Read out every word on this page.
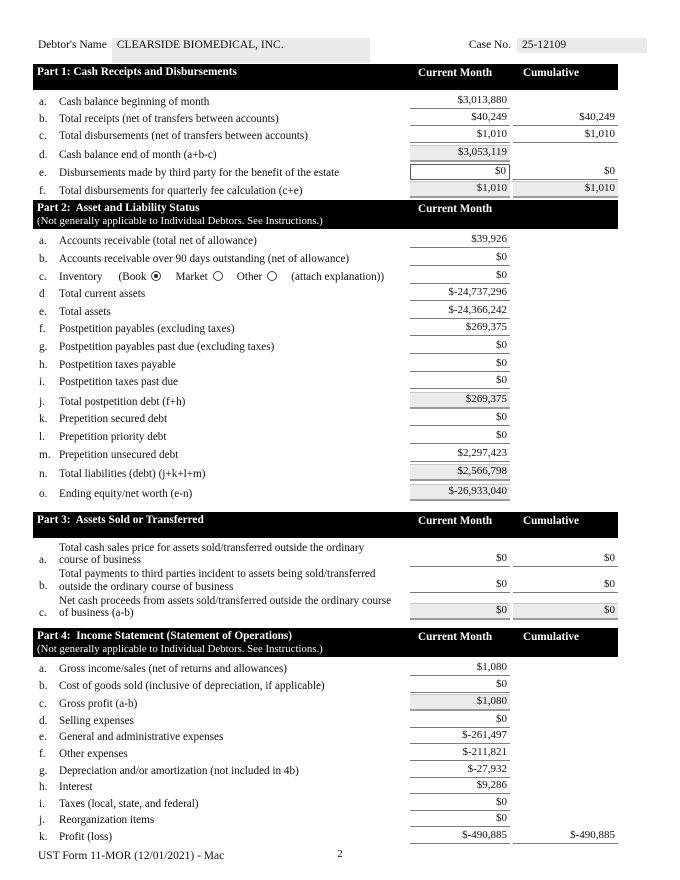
Debtor's Name CLEARSIDE BIOMEDICAL, INC.	Case No. 25-12109
Part 1: Cash Receipts and Disbursements	Current Month	Cumulative
a.	Cash balance beginning of month	$3,013,880
b.	Total receipts (net of transfers between accounts)	$40,249	$40,249
c.	Total disbursements (net of transfers between accounts)	$1,010	$1,010
d.	Cash balance end of month (a+b-c)	$3,053,119
e.	Disbursements made by third party for the benefit of the estate	$0	$0
f.	Total disbursements for quarterly fee calculation (c+e)	$1,010	$1,010
Part 2:  Asset and Liability Status
(Not generally applicable to Individual Debtors. See Instructions.)
Current Month
a.	Accounts receivable (total net of allowance)	$39,926
b.	Accounts receivable over 90 days outstanding (net of allowance)	$0
c.	Inventory (Book	Market	Other	(attach explanation))	$0
d	Total current assets	$-24,737,296
e.	Total assets	$-24,366,242
f.	Postpetition payables (excluding taxes)	$269,375
g.	Postpetition payables past due (excluding taxes)	$0
h.	Postpetition taxes payable	$0
i.	Postpetition taxes past due	$0
j.	Total postpetition debt (f+h)	$269,375
k.	Prepetition secured debt	$0
l.	Prepetition priority debt	$0
m. Prepetition unsecured debt	$2,297,423
n.	Total liabilities (debt) (j+k+l+m)	$2,566,798
o.	Ending equity/net worth (e-n)	$-26,933,040
Part 3:  Assets Sold or Transferred	Current Month	Cumulative
a.
Total cash sales price for assets sold/transferred outside the ordinary course of business	$0	$0
b.
Total payments to third parties incident to assets being sold/transferred outside the ordinary course of business	$0	$0
c.
Net cash proceeds from assets sold/transferred outside the ordinary course of business (a-b)	$0	$0
Part 4:  Income Statement (Statement of Operations)
(Not generally applicable to Individual Debtors. See Instructions.)
Current Month	Cumulative
a.	Gross income/sales (net of returns and allowances)	$1,080
b.	Cost of goods sold (inclusive of depreciation, if applicable)	$0
c.	Gross profit (a-b)	$1,080
d.	Selling expenses	$0
e.	General and administrative expenses	$-261,497
f.	Other expenses	$-211,821
g.	Depreciation and/or amortization (not included in 4b)	$-27,932
h.	Interest	$9,286
i.	Taxes (local, state, and federal)	$0
j.	Reorganization items	$0
k.	Profit (loss)	$-490,885	$-490,885
UST Form 11-MOR (12/01/2021) - Mac	2
